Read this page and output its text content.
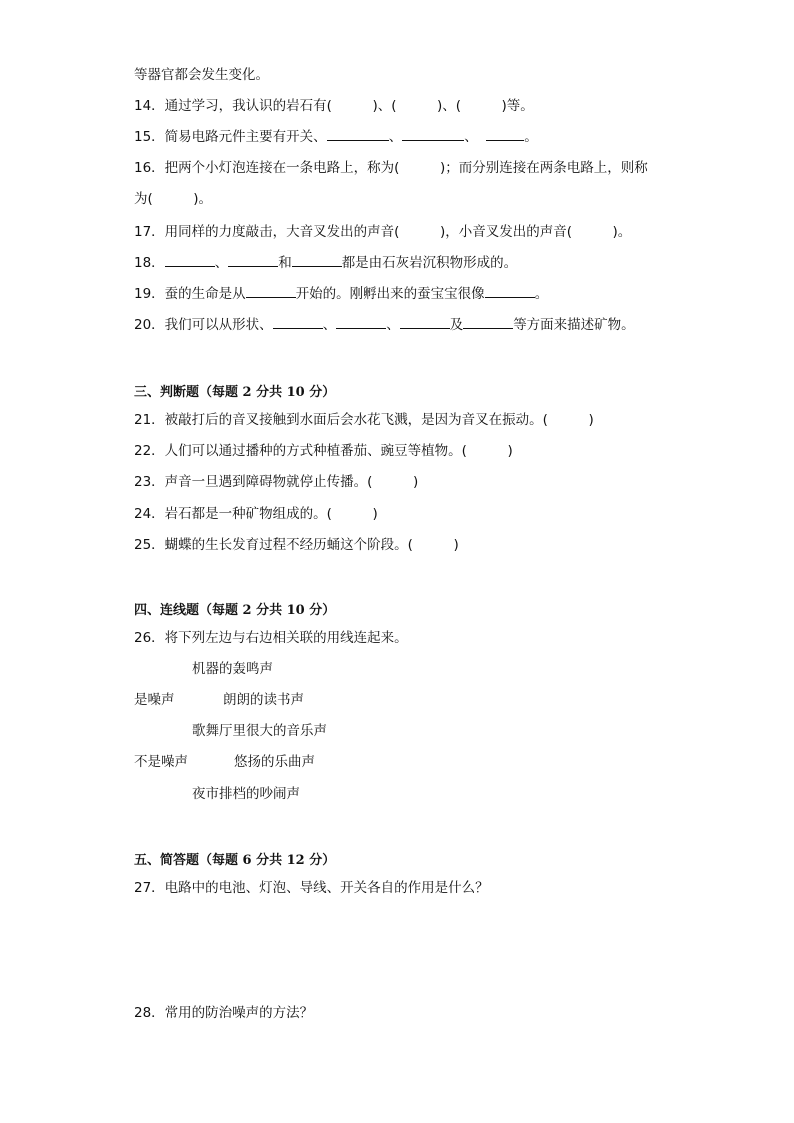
等器官都会发生变化。
14．通过学习，我认识的岩石有(　　　)、(　　　)、(　　　)等。
15．简易电路元件主要有开关、	、	、	。
16．把两个小灯泡连接在一条电路上，称为(　　　)；而分别连接在两条电路上，则称
为(　　　)。
17．用同样的力度敲击，大音叉发出的声音(　　　)，小音叉发出的声音(　　　)。
18．	、	和	都是由石灰岩沉积物形成的。
19．蚕的生命是从	开始的。刚孵出来的蚕宝宝很像	。
20．我们可以从形状、	、	、	及	等方面来描述矿物。
三、判断题（每题 2 分共 10 分）
21．被敲打后的音叉接触到水面后会水花飞溅，是因为音叉在振动。(　　　)
22．人们可以通过播种的方式种植番茄、豌豆等植物。(　　　)
23．声音一旦遇到障碍物就停止传播。(　　　)
24．岩石都是一种矿物组成的。(　　　)
25．蝴蝶的生长发育过程不经历蛹这个阶段。(　　　)
四、连线题（每题 2 分共 10 分）
26．将下列左边与右边相关联的用线连起来。
机器的轰鸣声
是噪声	朗朗的读书声
歌舞厅里很大的音乐声
不是噪声	悠扬的乐曲声
夜市排档的吵闹声
五、简答题（每题 6 分共 12 分）
27．电路中的电池、灯泡、导线、开关各自的作用是什么？
28．常用的防治噪声的方法？
